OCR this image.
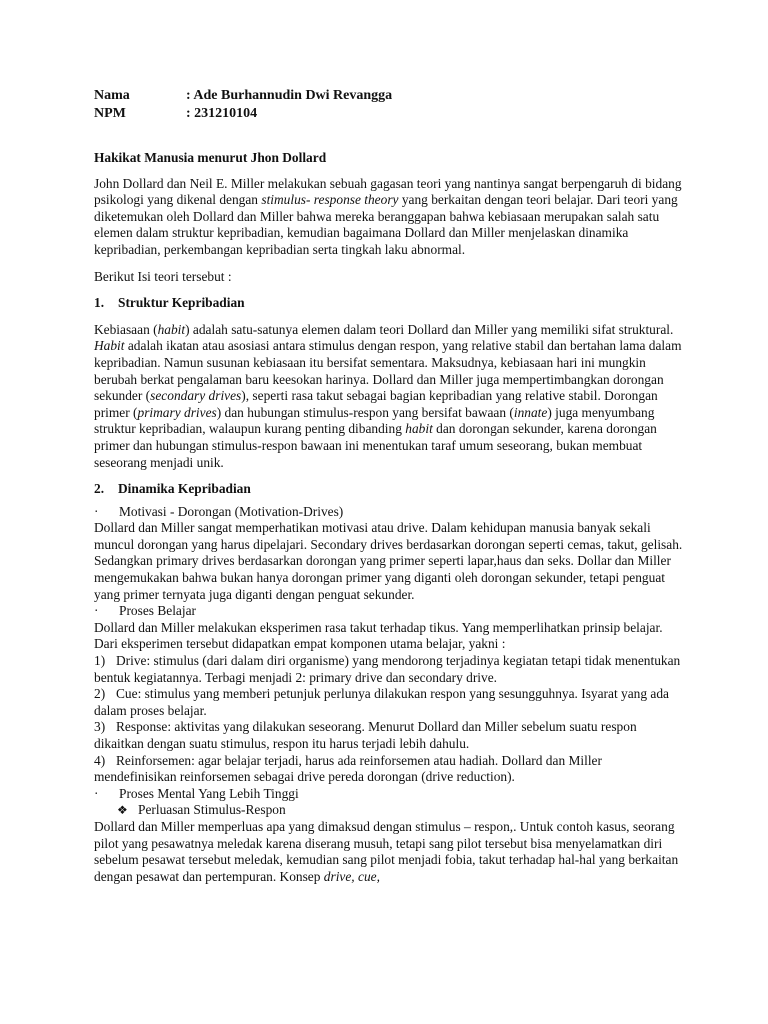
Nama	: Ade Burhannudin Dwi Revangga
NPM	: 231210104

Hakikat Manusia menurut Jhon Dollard

John Dollard dan Neil E. Miller melakukan sebuah gagasan teori yang nantinya sangat berpengaruh di bidang psikologi yang dikenal dengan stimulus- response theory yang berkaitan dengan teori belajar. Dari teori yang diketemukan oleh Dollard dan Miller bahwa mereka beranggapan bahwa kebiasaan merupakan salah satu elemen dalam struktur kepribadian, kemudian bagaimana Dollard dan Miller menjelaskan dinamika kepribadian, perkembangan kepribadian serta tingkah laku abnormal.

Berikut Isi teori tersebut :

1.	Struktur Kepribadian

Kebiasaan (habit) adalah satu-satunya elemen dalam teori Dollard dan Miller yang memiliki sifat struktural. Habit adalah ikatan atau asosiasi antara stimulus dengan respon, yang relative stabil dan bertahan lama dalam kepribadian. Namun susunan kebiasaan itu bersifat sementara. Maksudnya, kebiasaan hari ini mungkin berubah berkat pengalaman baru keesokan harinya. Dollard dan Miller juga mempertimbangkan dorongan sekunder (secondary drives), seperti rasa takut sebagai bagian kepribadian yang relative stabil. Dorongan primer (primary drives) dan hubungan stimulus-respon yang bersifat bawaan (innate) juga menyumbang struktur kepribadian, walaupun kurang penting dibanding habit dan dorongan sekunder, karena dorongan primer dan hubungan stimulus-respon bawaan ini menentukan taraf umum seseorang, bukan membuat seseorang menjadi unik.

2.	Dinamika Kepribadian
·	Motivasi - Dorongan (Motivation-Drives)

Dollard dan Miller sangat memperhatikan motivasi atau drive. Dalam kehidupan manusia banyak sekali muncul dorongan yang harus dipelajari. Secondary drives berdasarkan dorongan seperti cemas, takut, gelisah. Sedangkan primary drives berdasarkan dorongan yang primer seperti lapar,haus dan seks. Dollar dan Miller mengemukakan bahwa bukan hanya dorongan primer yang diganti oleh dorongan sekunder, tetapi penguat yang primer ternyata juga diganti dengan penguat sekunder.

·	Proses Belajar

Dollard dan Miller melakukan eksperimen rasa takut terhadap tikus. Yang memperlihatkan prinsip belajar.

Dari eksperimen tersebut didapatkan empat komponen utama belajar, yakni :

1) Drive: stimulus (dari dalam diri organisme) yang mendorong terjadinya kegiatan tetapi tidak menentukan bentuk kegiatannya. Terbagi menjadi 2: primary drive dan secondary drive.

2) Cue: stimulus yang memberi petunjuk perlunya dilakukan respon yang sesungguhnya. Isyarat yang ada dalam proses belajar.

3) Response: aktivitas yang dilakukan seseorang. Menurut Dollard dan Miller sebelum suatu respon dikaitkan dengan suatu stimulus, respon itu harus terjadi lebih dahulu.

4) Reinforsemen: agar belajar terjadi, harus ada reinforsemen atau hadiah. Dollard dan Miller mendefinisikan reinforsemen sebagai drive pereda dorongan (drive reduction).

·	Proses Mental Yang Lebih Tinggi
❖ Perluasan Stimulus-Respon

Dollard dan Miller memperluas apa yang dimaksud dengan stimulus – respon,. Untuk contoh kasus, seorang pilot yang pesawatnya meledak karena diserang musuh, tetapi sang pilot tersebut bisa menyelamatkan diri sebelum pesawat tersebut meledak, kemudian sang pilot menjadi fobia, takut terhadap hal-hal yang berkaitan dengan pesawat dan pertempuran. Konsep drive, cue,
